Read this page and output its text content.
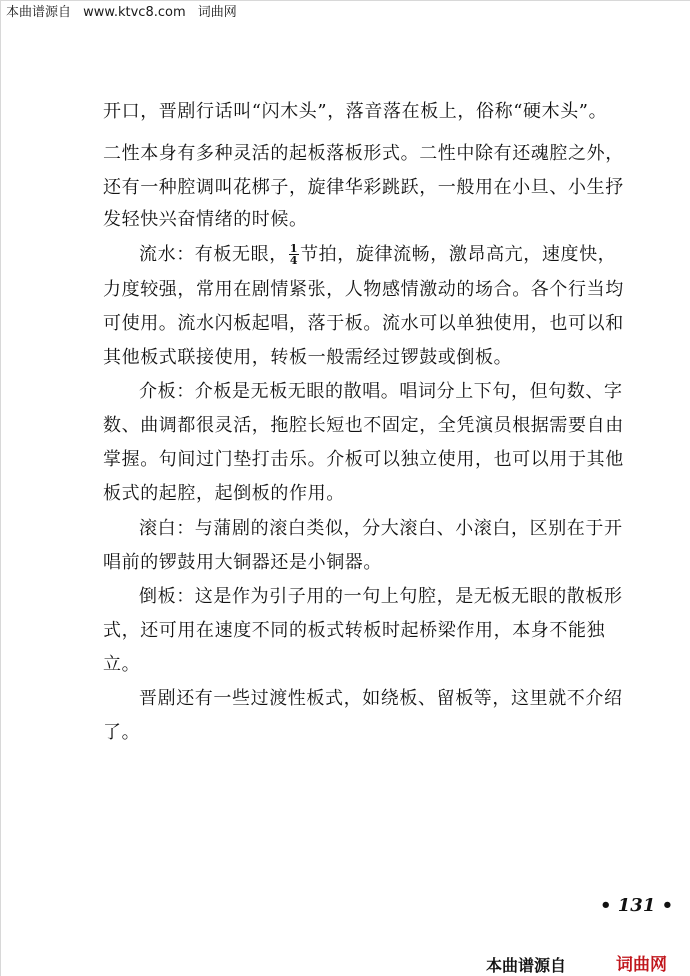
本曲谱源自 www.ktvc8.com 词曲网
开口，晋剧行话叫“闪木头”，落音落在板上，俗称“硬木头”。
二性本身有多种灵活的起板落板形式。二性中除有还魂腔之外，
还有一种腔调叫花梆子，旋律华彩跳跃，一般用在小旦、小生抒
发轻快兴奋情绪的时候。
流水：有板无眼， $\frac{1}{4}$ 节拍，旋律流畅，激昂高亢，速度快，
力度较强，常用在剧情紧张，人物感情激动的场合。各个行当均
可使用。流水闪板起唱，落于板。流水可以单独使用，也可以和
其他板式联接使用，转板一般需经过锣鼓或倒板。
介板：介板是无板无眼的散唱。唱词分上下句，但句数、字
数、曲调都很灵活，拖腔长短也不固定，全凭演员根据需要自由
掌握。句间过门垫打击乐。介板可以独立使用，也可以用于其他
板式的起腔，起倒板的作用。
滚白：与蒲剧的滚白类似，分大滚白、小滚白，区别在于开
唱前的锣鼓用大铜器还是小铜器。
倒板：这是作为引子用的一句上句腔，是无板无眼的散板形
式，还可用在速度不同的板式转板时起桥梁作用，本身不能独
立。
晋剧还有一些过渡性板式，如绕板、留板等，这里就不介绍
了。
• 131 •
本曲谱源自	词曲网
